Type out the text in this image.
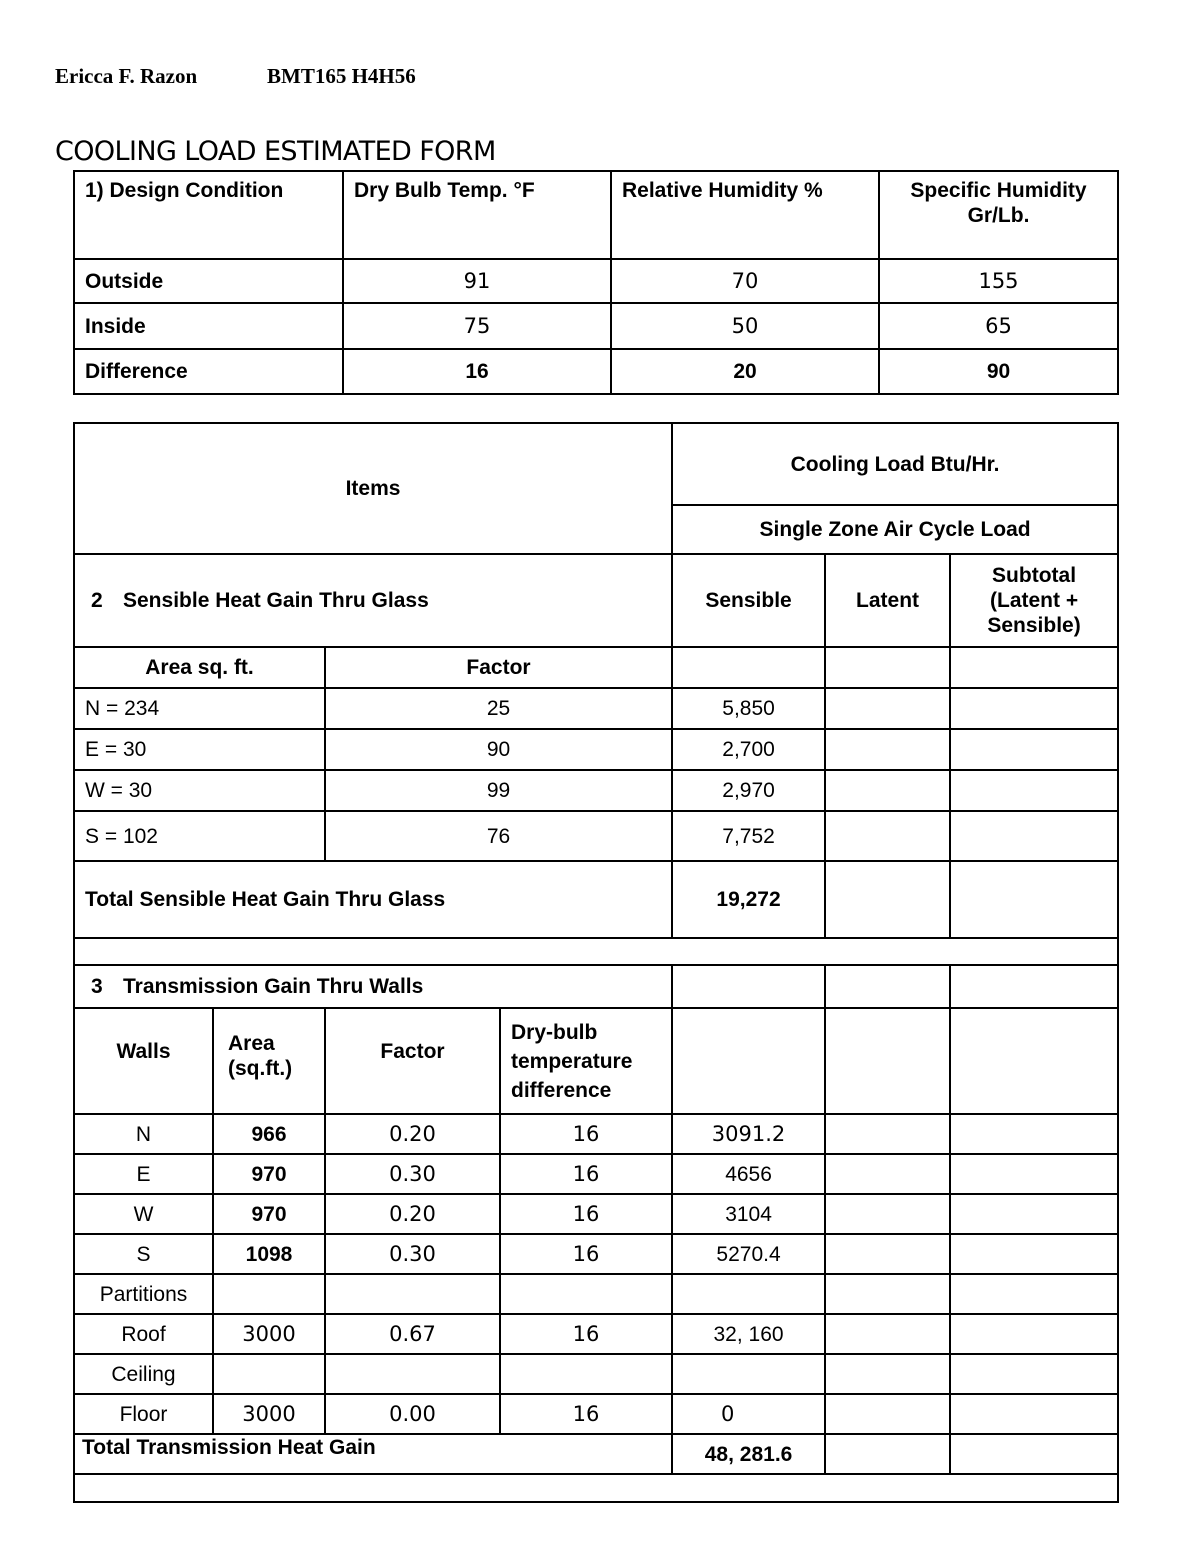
Ericca F. Razon	BMT165 H4H56
COOLING LOAD ESTIMATED FORM
1) Design Condition	Dry Bulb Temp. °F	Relative Humidity %	Specific Humidity Gr/Lb.

Outside	91	70	155
Inside	75	50	65
Difference	16	20	90
Items				Cooling Load Btu/Hr.		
				Single Zone Air Cycle Load		
2 Sensible Heat Gain Thru Glass				Sensible	Latent	Subtotal (Latent + Sensible)

Area sq. ft.		Factor				
N = 234		25		5,850		
E = 30		90		2,700		
W = 30		99		2,970		
S = 102		76		7,752		
Total Sensible Heat Gain Thru Glass				19,272		

3 Transmission Gain Thru Walls						

Walls	Area (sq.ft.)	Factor	Dry-bulb temperature difference			

N	966	0.20	16	3091.2		
E	970	0.30	16	4656		
W	970	0.20	16	3104		
S	1098	0.30	16	5270.4		
Partitions						
Roof	3000	0.67	16	32, 160		
Ceiling						
Floor	3000	0.00	16	0		
Total Transmission Heat Gain				48, 281.6		
